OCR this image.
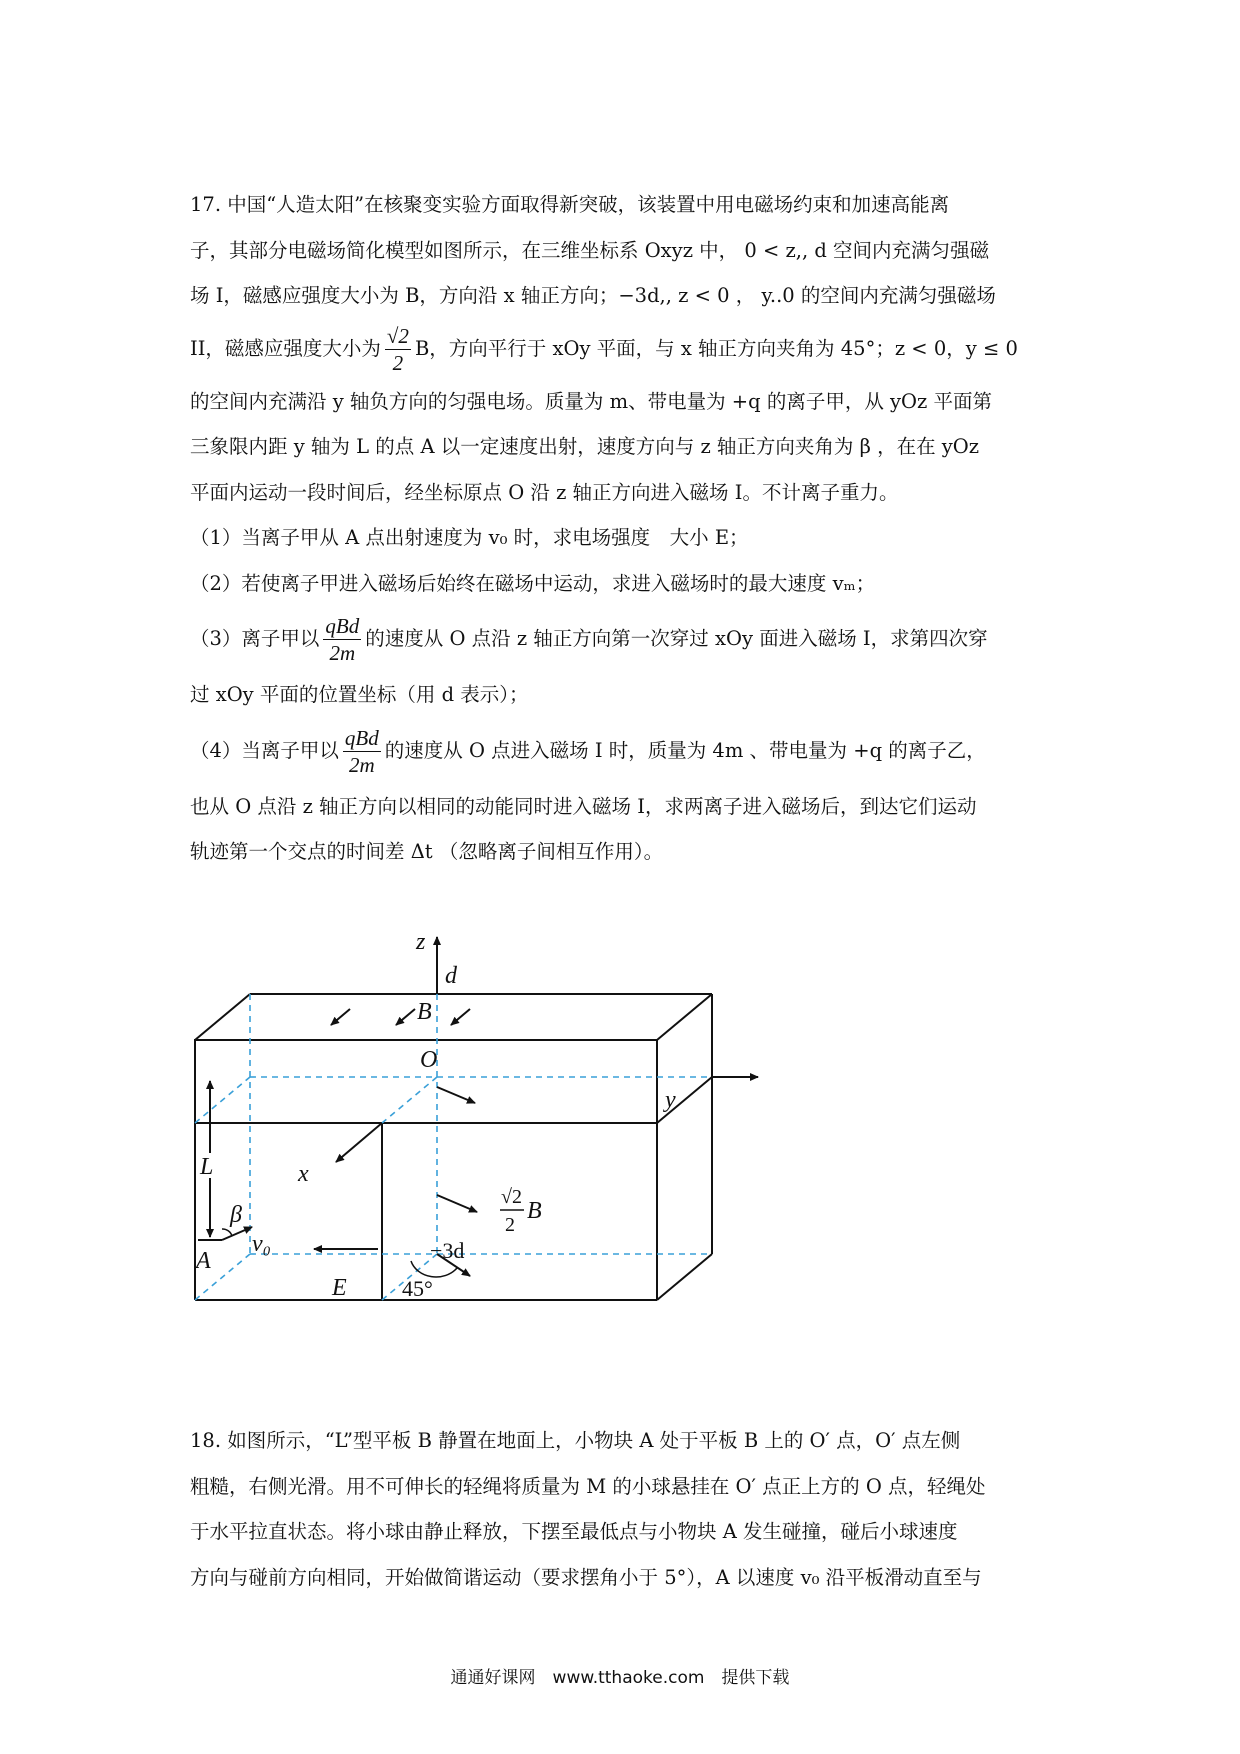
17. 中国“人造太阳”在核聚变实验方面取得新突破，该装置中用电磁场约束和加速高能离
子，其部分电磁场简化模型如图所示，在三维坐标系 Oxyz 中， 0 < z,, d 空间内充满匀强磁
场 I，磁感应强度大小为 B，方向沿 x 轴正方向；−3d,, z < 0 ， y..0 的空间内充满匀强磁场
II，磁感应强度大小为 $\frac{√2}{2}$ B，方向平行于 xOy 平面，与 x 轴正方向夹角为 45°；z < 0，y ≤ 0
的空间内充满沿 y 轴负方向的匀强电场。质量为 m、带电量为 +q 的离子甲，从 yOz 平面第
三象限内距 y 轴为 L 的点 A 以一定速度出射，速度方向与 z 轴正方向夹角为 β ，在在 yOz
平面内运动一段时间后，经坐标原点 O 沿 z 轴正方向进入磁场 I。不计离子重力。
（1）当离子甲从 A 点出射速度为 v₀ 时，求电场强度　大小 E；
（2）若使离子甲进入磁场后始终在磁场中运动，求进入磁场时的最大速度 vₘ；
（3）离子甲以 $\frac{\text{qBd}}{2m}$ 的速度从 O 点沿 z 轴正方向第一次穿过 xOy 面进入磁场 I，求第四次穿
过 xOy 平面的位置坐标（用 d 表示）；
（4）当离子甲以 $\frac{\text{qBd}}{2m}$ 的速度从 O 点进入磁场 I 时，质量为 4m 、带电量为 +q 的离子乙，
也从 O 点沿 z 轴正方向以相同的动能同时进入磁场 I，求两离子进入磁场后，到达它们运动
轨迹第一个交点的时间差 Δt （忽略离子间相互作用）。
z
d
B
O
y
x
L
β
v₀
A
E
√2
2
B
−3d
45°
18. 如图所示，“L”型平板 B 静置在地面上，小物块 A 处于平板 B 上的 O′ 点，O′ 点左侧
粗糙，右侧光滑。用不可伸长的轻绳将质量为 M 的小球悬挂在 O′ 点正上方的 O 点，轻绳处
于水平拉直状态。将小球由静止释放，下摆至最低点与小物块 A 发生碰撞，碰后小球速度
方向与碰前方向相同，开始做简谐运动（要求摆角小于 5°），A 以速度 v₀ 沿平板滑动直至与
通通好课网　www.tthaoke.com　提供下载
